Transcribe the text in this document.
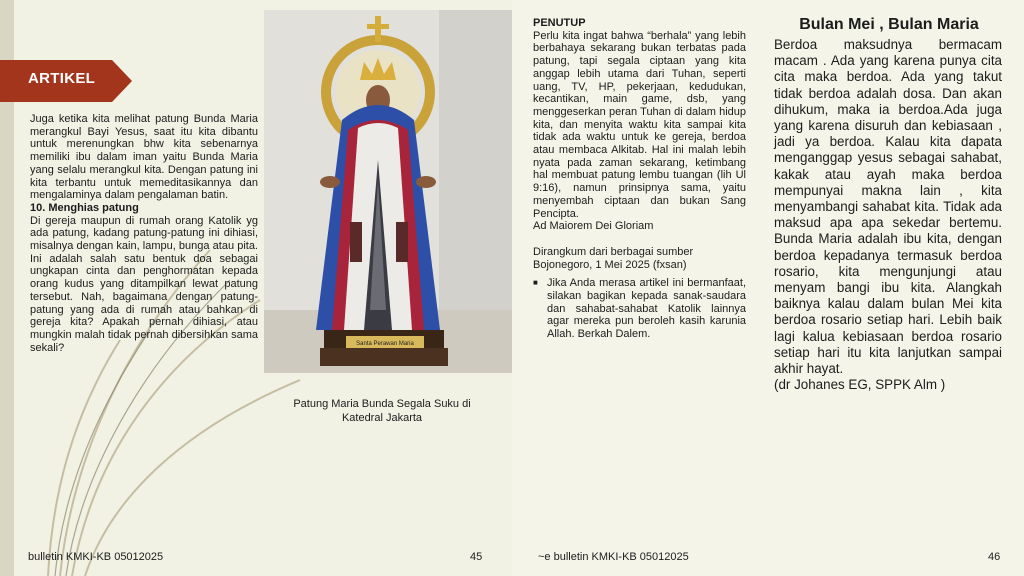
ARTIKEL

Juga ketika kita melihat patung Bunda Maria merangkul Bayi Yesus, saat itu kita dibantu untuk merenungkan bhw kita sebenarnya memiliki ibu dalam iman yaitu Bunda Maria yang selalu merangkul kita. Dengan patung ini kita terbantu untuk memeditasikannya dan mengalaminya dalam pengalaman batin.

10. Menghias patung

Di gereja maupun di rumah orang Katolik yg ada patung, kadang patung-patung ini dihiasi, misalnya dengan kain, lampu, bunga atau pita. Ini adalah salah satu bentuk doa sebagai ungkapan cinta dan penghormatan kepada orang kudus yang ditampilkan lewat patung tersebut. Nah, bagaimana dengan patung-patung yang ada di rumah atau bahkan di gereja kita? Apakah pernah dihiasi, atau mungkin malah tidak pernah dibersihkan sama sekali?	Santa Perawan Maria
Patung Maria Bunda Segala Suku di Katedral Jakarta
PENUTUP

Perlu kita ingat bahwa “berhala” yang lebih berbahaya sekarang bukan terbatas pada patung, tapi segala ciptaan yang kita anggap lebih utama dari Tuhan, seperti uang, TV, HP, pekerjaan, kedudukan, kecantikan, main game, dsb, yang menggeserkan peran Tuhan di dalam hidup kita, dan menyita waktu kita sampai kita tidak ada waktu untuk ke gereja, berdoa atau membaca Alkitab. Hal ini malah lebih nyata pada zaman sekarang, ketimbang hal membuat patung lembu tuangan (lih Ul 9:16), namun prinsipnya sama, yaitu menyembah ciptaan dan bukan Sang Pencipta.

Ad Maiorem Dei Gloriam

Dirangkum dari berbagai sumber

Bojonegoro, 1 Mei 2025 (fxsan)

■ Jika Anda merasa artikel ini bermanfaat, silakan bagikan kepada sanak-saudara dan sahabat-sahabat Katolik lainnya agar mereka pun beroleh kasih karunia Allah. Berkah Dalem.
Bulan Mei , Bulan Maria

Berdoa maksudnya bermacam macam . Ada yang karena punya cita cita maka berdoa. Ada yang takut tidak berdoa adalah dosa. Dan akan dihukum, maka ia berdoa.Ada juga yang karena disuruh dan kebiasaan , jadi ya berdoa. Kalau kita dapata menganggap yesus sebagai sahabat, kakak atau ayah maka berdoa mempunyai makna lain , kita menyambangi sahabat kita. Tidak ada maksud apa apa sekedar bertemu. Bunda Maria adalah ibu kita, dengan berdoa kepadanya termasuk berdoa rosario, kita mengunjungi atau menyam bangi ibu kita. Alangkah baiknya kalau dalam bulan Mei kita berdoa rosario setiap hari. Lebih baik lagi kalua kebiasaan berdoa rosario setiap hari itu kita lanjutkan sampai akhir hayat.

(dr Johanes EG, SPPK Alm )

bulletin KMKI-KB 05012025	45	~e bulletin KMKI-KB 05012025	46
